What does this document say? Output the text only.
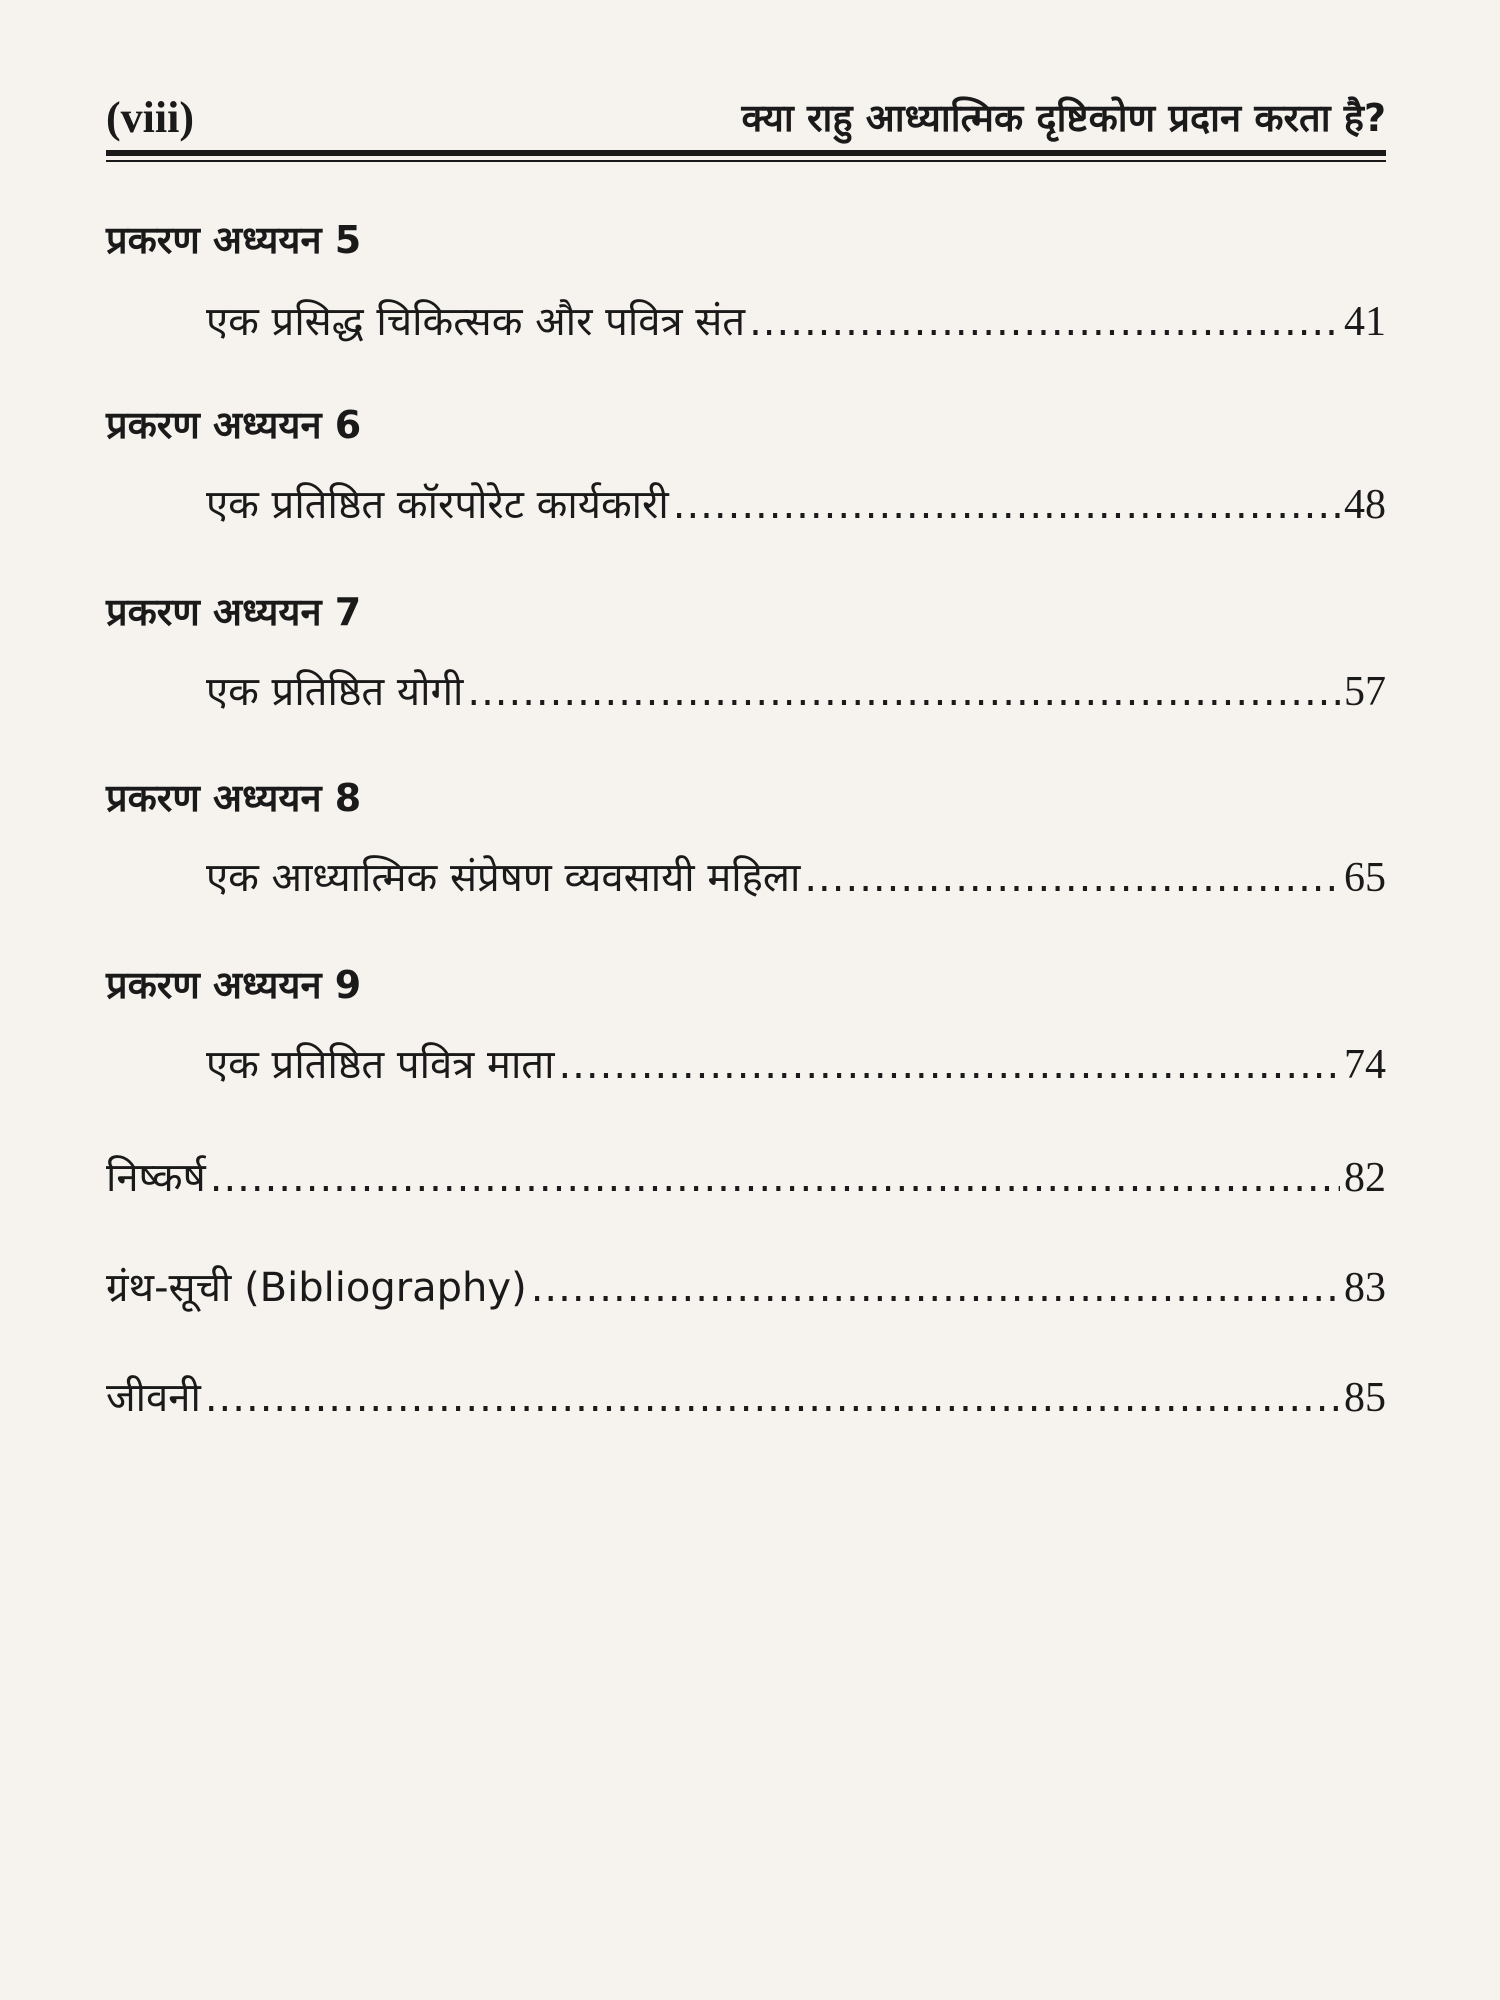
(viii)	क्या राहु आध्यात्मिक दृष्टिकोण प्रदान करता है?
प्रकरण अध्ययन 5
एक प्रसिद्ध चिकित्सक और पवित्र संत .....	41
प्रकरण अध्ययन 6
एक प्रतिष्ठित कॉरपोरेट कार्यकारी .....	48
प्रकरण अध्ययन 7
एक प्रतिष्ठित योगी .....	57
प्रकरण अध्ययन 8
एक आध्यात्मिक संप्रेषण व्यवसायी महिला .....	65
प्रकरण अध्ययन 9
एक प्रतिष्ठित पवित्र माता .....	74
निष्कर्ष .....	82
ग्रंथ-सूची (Bibliography) .....	83
जीवनी .....	85
